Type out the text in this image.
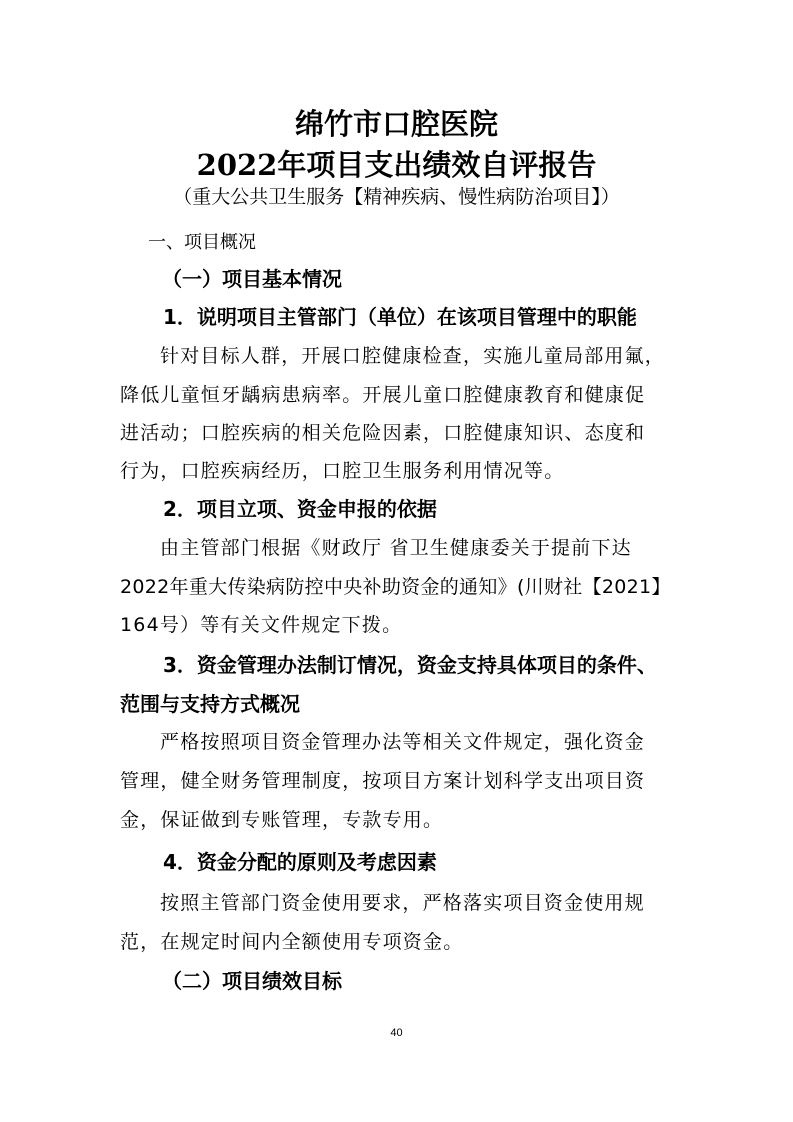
绵竹市口腔医院
2022年项目支出绩效自评报告
（重大公共卫生服务【精神疾病、慢性病防治项目】）
一、项目概况
（一）项目基本情况
1．说明项目主管部门（单位）在该项目管理中的职能
针对目标人群，开展口腔健康检查，实施儿童局部用氟，
降低儿童恒牙龋病患病率。开展儿童口腔健康教育和健康促
进活动；口腔疾病的相关危险因素，口腔健康知识、态度和
行为，口腔疾病经历，口腔卫生服务利用情况等。
2．项目立项、资金申报的依据
由主管部门根据《财政厅 省卫生健康委关于提前下达
2022年重大传染病防控中央补助资金的通知》(川财社【2021】
164号）等有关文件规定下拨。
3．资金管理办法制订情况，资金支持具体项目的条件、
范围与支持方式概况
严格按照项目资金管理办法等相关文件规定，强化资金
管理，健全财务管理制度，按项目方案计划科学支出项目资
金，保证做到专账管理，专款专用。
4．资金分配的原则及考虑因素
按照主管部门资金使用要求，严格落实项目资金使用规
范，在规定时间内全额使用专项资金。
（二）项目绩效目标
40
